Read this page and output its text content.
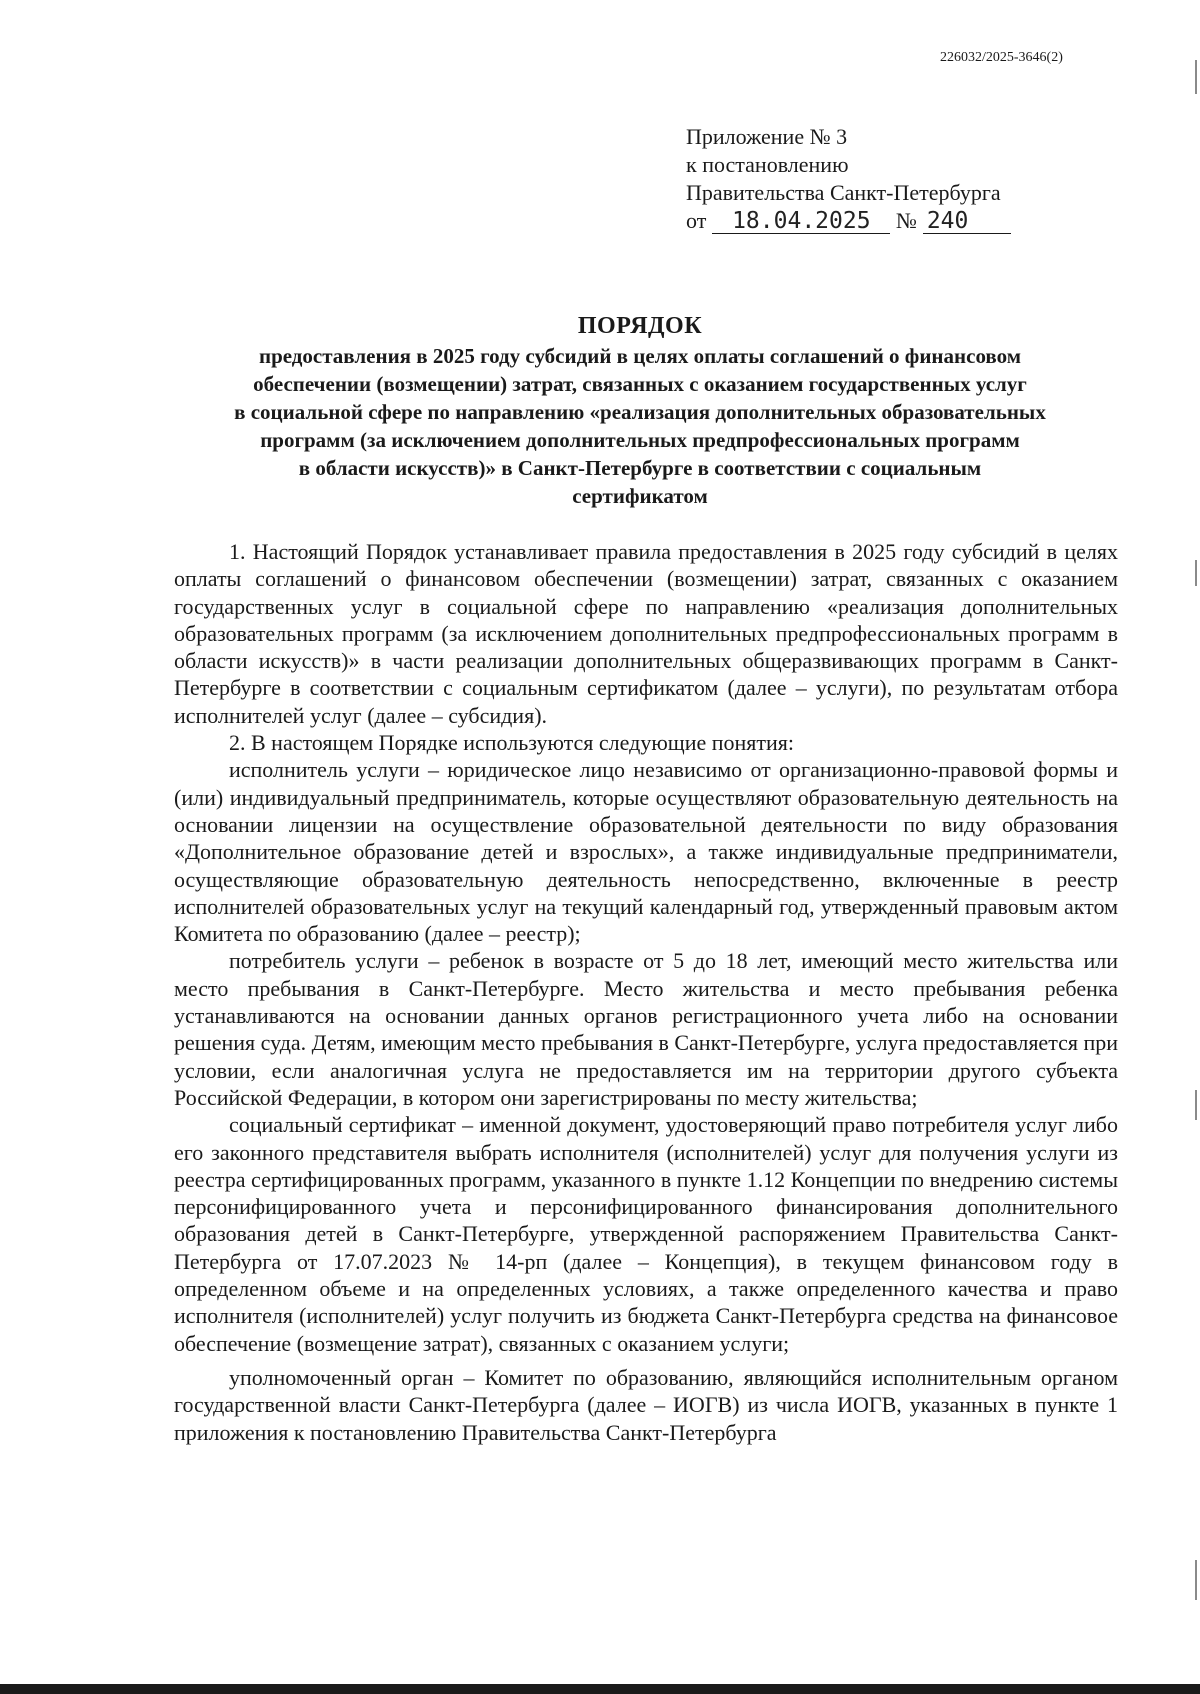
226032/2025-3646(2)
Приложение № 3
к постановлению
Правительства Санкт-Петербурга
от 18.04.2025 № 240
ПОРЯДОК
предоставления в 2025 году субсидий в целях оплаты соглашений о финансовом
обеспечении (возмещении) затрат, связанных с оказанием государственных услуг
в социальной сфере по направлению «реализация дополнительных образовательных
программ (за исключением дополнительных предпрофессиональных программ
в области искусств)» в Санкт-Петербурге в соответствии с социальным
сертификатом

1. Настоящий Порядок устанавливает правила предоставления в 2025 году субсидий в целях оплаты соглашений о финансовом обеспечении (возмещении) затрат, связанных с оказанием государственных услуг в социальной сфере по направлению «реализация дополнительных образовательных программ (за исключением дополнительных предпрофессиональных программ в области искусств)» в части реализации дополнительных общеразвивающих программ в Санкт-Петербурге в соответствии с социальным сертификатом (далее – услуги), по результатам отбора исполнителей услуг (далее – субсидия).

2. В настоящем Порядке используются следующие понятия:

исполнитель услуги – юридическое лицо независимо от организационно-правовой формы и (или) индивидуальный предприниматель, которые осуществляют образовательную деятельность на основании лицензии на осуществление образовательной деятельности по виду образования «Дополнительное образование детей и взрослых», а также индивидуальные предприниматели, осуществляющие образовательную деятельность непосредственно, включенные в реестр исполнителей образовательных услуг на текущий календарный год, утвержденный правовым актом Комитета по образованию (далее – реестр);

потребитель услуги – ребенок в возрасте от 5 до 18 лет, имеющий место жительства или место пребывания в Санкт-Петербурге. Место жительства и место пребывания ребенка устанавливаются на основании данных органов регистрационного учета либо на основании решения суда. Детям, имеющим место пребывания в Санкт-Петербурге, услуга предоставляется при условии, если аналогичная услуга не предоставляется им на территории другого субъекта Российской Федерации, в котором они зарегистрированы по месту жительства;

социальный сертификат – именной документ, удостоверяющий право потребителя услуг либо его законного представителя выбрать исполнителя (исполнителей) услуг для получения услуги из реестра сертифицированных программ, указанного в пункте 1.12 Концепции по внедрению системы персонифицированного учета и персонифицированного финансирования дополнительного образования детей в Санкт-Петербурге, утвержденной распоряжением Правительства Санкт-Петербурга от 17.07.2023 № 14-рп (далее – Концепция), в текущем финансовом году в определенном объеме и на определенных условиях, а также определенного качества и право исполнителя (исполнителей) услуг получить из бюджета Санкт-Петербурга средства на финансовое обеспечение (возмещение затрат), связанных с оказанием услуги;

уполномоченный орган – Комитет по образованию, являющийся исполнительным органом государственной власти Санкт-Петербурга (далее – ИОГВ) из числа ИОГВ, указанных в пункте 1 приложения к постановлению Правительства Санкт-Петербурга
